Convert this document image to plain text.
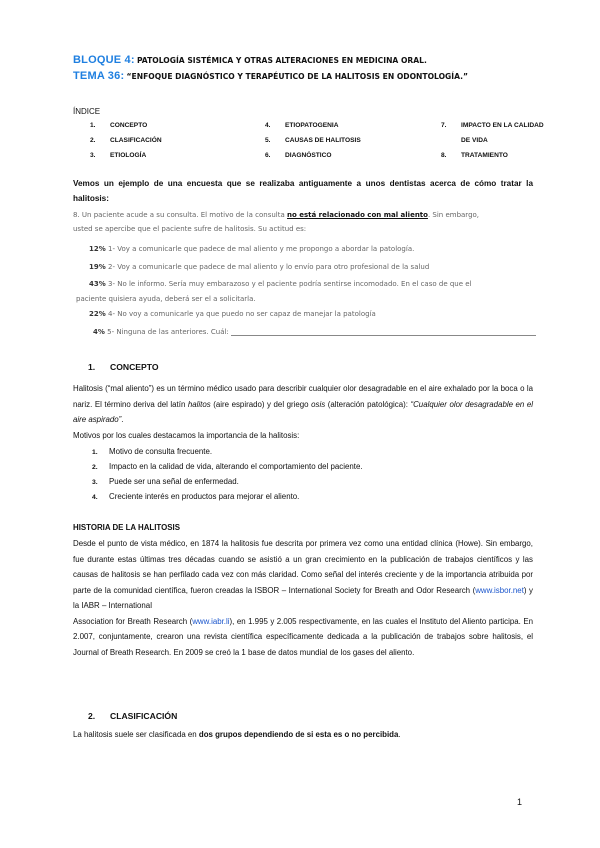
BLOQUE 4: PATOLOGÍA SISTÉMICA Y OTRAS ALTERACIONES EN MEDICINA ORAL.
TEMA 36: “ENFOQUE DIAGNÓSTICO Y TERAPÉUTICO DE LA HALITOSIS EN ODONTOLOGÍA.”
ÍNDICE
1. CONCEPTO
2. CLASIFICACIÓN
3. ETIOLOGÍA
4. ETIOPATOGENIA
5. CAUSAS DE HALITOSIS
6. DIAGNÓSTICO
7. IMPACTO EN LA CALIDAD
DE VIDA
8. TRATAMIENTO
Vemos un ejemplo de una encuesta que se realizaba antiguamente a unos dentistas acerca de cómo tratar la halitosis:
8. Un paciente acude a su consulta. El motivo de la consulta no está relacionado con mal aliento. Sin embargo,
usted se apercibe que el paciente sufre de halitosis. Su actitud es:
12% 1- Voy a comunicarle que padece de mal aliento y me propongo a abordar la patología.
19% 2- Voy a comunicarle que padece de mal aliento y lo envío para otro profesional de la salud
43% 3- No le informo. Sería muy embarazoso y el paciente podría sentirse incomodado. En el caso de que el
paciente quisiera ayuda, deberá ser el a solicitarla.
22% 4- No voy a comunicarle ya que puedo no ser capaz de manejar la patología
4% 5- Ninguna de las anteriores. Cuál:
1. CONCEPTO
Halitosis (“mal aliento”) es un término médico usado para describir cualquier olor desagradable en el aire exhalado por la boca o la nariz. El término deriva del latín halitos (aire espirado) y del griego osis (alteración patológica): “Cualquier olor desagradable en el aire aspirado”.
Motivos por los cuales destacamos la importancia de la halitosis:
1. Motivo de consulta frecuente.
2. Impacto en la calidad de vida, alterando el comportamiento del paciente.
3. Puede ser una señal de enfermedad.
4. Creciente interés en productos para mejorar el aliento.
HISTORIA DE LA HALITOSIS
Desde el punto de vista médico, en 1874 la halitosis fue descrita por primera vez como una entidad clínica (Howe). Sin embargo, fue durante estas últimas tres décadas cuando se asistió a un gran crecimiento en la publicación de trabajos científicos y las causas de halitosis se han perfilado cada vez con más claridad. Como señal del interés creciente y de la importancia atribuida por parte de la comunidad científica, fueron creadas la ISBOR – International Society for Breath and Odor Research (www.isbor.net) y la IABR – International
Association for Breath Research (www.iabr.li), en 1.995 y 2.005 respectivamente, en las cuales el Instituto del Aliento participa. En 2.007, conjuntamente, crearon una revista científica específicamente dedicada a la publicación de trabajos sobre halitosis, el Journal of Breath Research. En 2009 se creó la 1 base de datos mundial de los gases del aliento.
2. CLASIFICACIÓN
La halitosis suele ser clasificada en dos grupos dependiendo de si esta es o no percibida.
1
